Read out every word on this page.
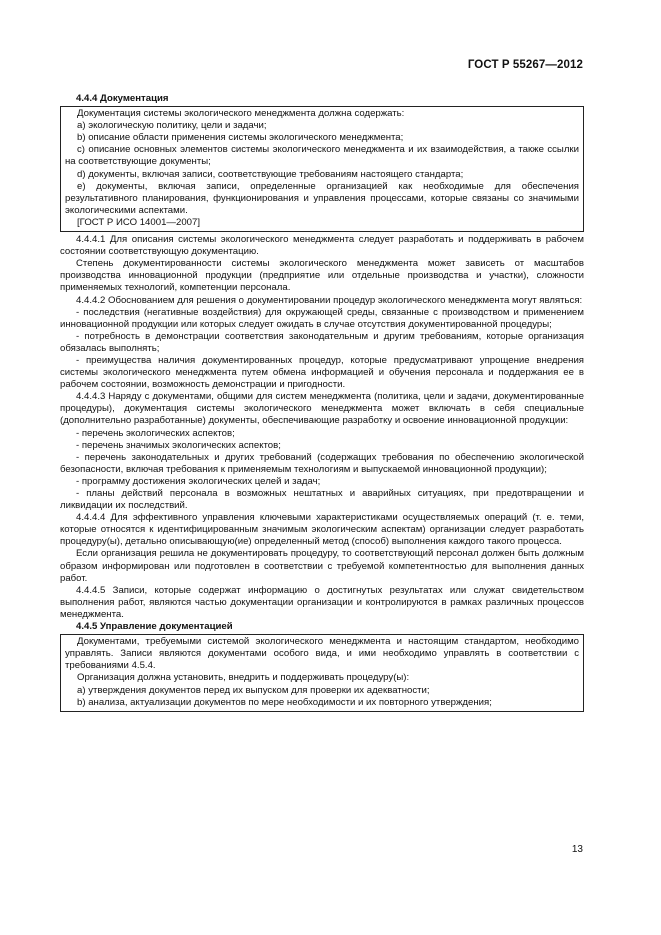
ГОСТ Р 55267—2012

4.4.4 Документация

Документация системы экологического менеджмента должна содержать:

а) экологическую политику, цели и задачи;

b) описание области применения системы экологического менеджмента;

c) описание основных элементов системы экологического менеджмента и их взаимодействия, а также ссылки на соответствующие документы;

d) документы, включая записи, соответствующие требованиям настоящего стандарта;

е) документы, включая записи, определенные организацией как необходимые для обеспечения результативного планирования, функционирования и управления процессами, которые связаны со значимыми экологическими аспектами.

[ГОСТ Р ИСО 14001—2007]

4.4.4.1 Для описания системы экологического менеджмента следует разработать и поддерживать в рабочем состоянии соответствующую документацию.

Степень документированности системы экологического менеджмента может зависеть от масштабов производства инновационной продукции (предприятие или отдельные производства и участки), сложности применяемых технологий, компетенции персонала.

4.4.4.2 Обоснованием для решения о документировании процедур экологического менеджмента могут являться:

- последствия (негативные воздействия) для окружающей среды, связанные с производством и применением инновационной продукции или которых следует ожидать в случае отсутствия документированной процедуры;

- потребность в демонстрации соответствия законодательным и другим требованиям, которые организация обязалась выполнять;

- преимущества наличия документированных процедур, которые предусматривают упрощение внедрения системы экологического менеджмента путем обмена информацией и обучения персонала и поддержания ее в рабочем состоянии, возможность демонстрации и пригодности.

4.4.4.3 Наряду с документами, общими для систем менеджмента (политика, цели и задачи, документированные процедуры), документация системы экологического менеджмента может включать в себя специальные (дополнительно разработанные) документы, обеспечивающие разработку и освоение инновационной продукции:

- перечень экологических аспектов;

- перечень значимых экологических аспектов;

- перечень законодательных и других требований (содержащих требования по обеспечению экологической безопасности, включая требования к применяемым технологиям и выпускаемой инновационной продукции);

- программу достижения экологических целей и задач;

- планы действий персонала в возможных нештатных и аварийных ситуациях, при предотвращении и ликвидации их последствий.

4.4.4.4 Для эффективного управления ключевыми характеристиками осуществляемых операций (т. е. теми, которые относятся к идентифицированным значимым экологическим аспектам) организации следует разработать процедуру(ы), детально описывающую(ие) определенный метод (способ) выполнения каждого такого процесса.

Если организация решила не документировать процедуру, то соответствующий персонал должен быть должным образом информирован или подготовлен в соответствии с требуемой компетентностью для выполнения данных работ.

4.4.4.5 Записи, которые содержат информацию о достигнутых результатах или служат свидетельством выполнения работ, являются частью документации организации и контролируются в рамках различных процессов менеджмента.

4.4.5 Управление документацией

Документами, требуемыми системой экологического менеджмента и настоящим стандартом, необходимо управлять. Записи являются документами особого вида, и ими необходимо управлять в соответствии с требованиями 4.5.4.

Организация должна установить, внедрить и поддерживать процедуру(ы):

а) утверждения документов перед их выпуском для проверки их адекватности;

b) анализа, актуализации документов по мере необходимости и их повторного утверждения;

13
